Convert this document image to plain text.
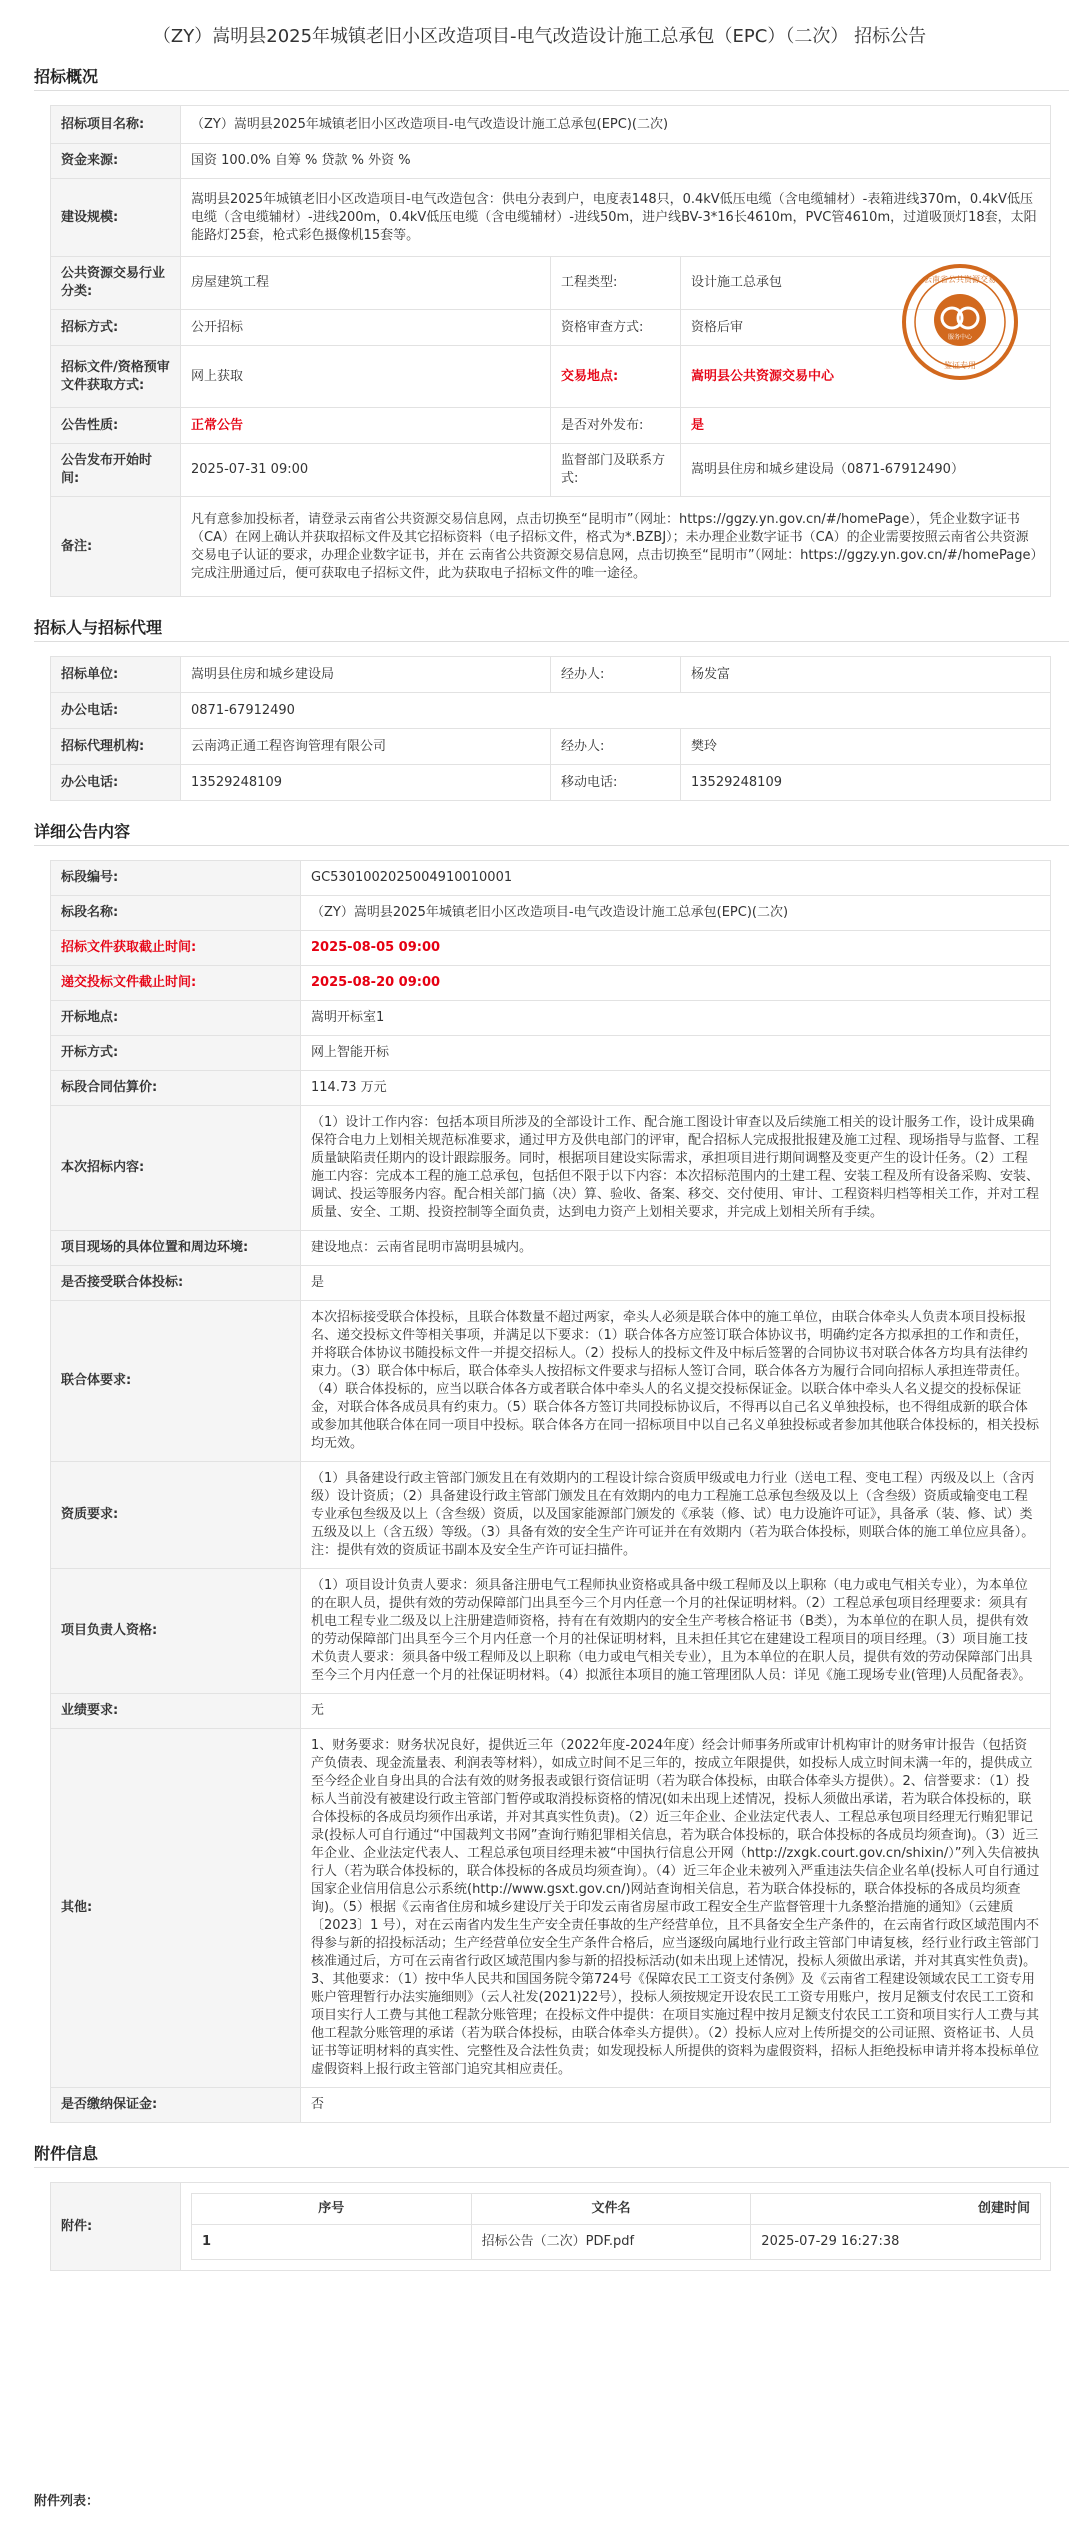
（ZY）嵩明县2025年城镇老旧小区改造项目-电气改造设计施工总承包（EPC）（二次） 招标公告
招标概况
招标项目名称:	（ZY）嵩明县2025年城镇老旧小区改造项目-电气改造设计施工总承包(EPC)(二次)		
资金来源:	国资 100.0% 自筹 % 贷款 % 外资 %		
建设规模:	嵩明县2025年城镇老旧小区改造项目-电气改造包含：供电分表到户，电度表148只，0.4kV低压电缆（含电缆辅材）-表箱进线370m，0.4kV低压电缆（含电缆辅材）-进线200m，0.4kV低压电缆（含电缆辅材）-进线50m，进户线BV-3*16长4610m，PVC管4610m，过道吸顶灯18套，太阳能路灯25套，枪式彩色摄像机15套等。		
公共资源交易行业分类:	房屋建筑工程	工程类型:	设计施工总承包
招标方式:	公开招标	资格审查方式:	资格后审
招标文件/资格预审文件获取方式:	网上获取	交易地点:	嵩明县公共资源交易中心
公告性质:	正常公告	是否对外发布:	是
公告发布开始时间:	2025-07-31 09:00	监督部门及联系方式:	嵩明县住房和城乡建设局（0871-67912490）
备注:	凡有意参加投标者，请登录云南省公共资源交易信息网，点击切换至“昆明市”（网址：https://ggzy.yn.gov.cn/#/homePage），凭企业数字证书（CA）在网上确认并获取招标文件及其它招标资料（电子招标文件，格式为*.BZBJ）；未办理企业数字证书（CA）的企业需要按照云南省公共资源交易电子认证的要求，办理企业数字证书，并在 云南省公共资源交易信息网，点击切换至“昆明市”（网址：https://ggzy.yn.gov.cn/#/homePage）完成注册通过后，便可获取电子招标文件，此为获取电子招标文件的唯一途径。		
服务中心
云南省公共资源交易
鉴证专用
招标人与招标代理
招标单位:	嵩明县住房和城乡建设局	经办人:	杨发富
办公电话:	0871-67912490		
招标代理机构:	云南鸿正通工程咨询管理有限公司	经办人:	樊玲
办公电话:	13529248109	移动电话:	13529248109
详细公告内容
标段编号:	GC5301002025004910010001
标段名称:	（ZY）嵩明县2025年城镇老旧小区改造项目-电气改造设计施工总承包(EPC)(二次)
招标文件获取截止时间:	2025-08-05 09:00
递交投标文件截止时间:	2025-08-20 09:00
开标地点:	嵩明开标室1
开标方式:	网上智能开标
标段合同估算价:	114.73 万元
本次招标内容:	（1）设计工作内容：包括本项目所涉及的全部设计工作、配合施工图设计审查以及后续施工相关的设计服务工作，设计成果确保符合电力上划相关规范标准要求，通过甲方及供电部门的评审，配合招标人完成报批报建及施工过程、现场指导与监督、工程质量缺陷责任期内的设计跟踪服务。同时，根据项目建设实际需求，承担项目进行期间调整及变更产生的设计任务。（2）工程施工内容：完成本工程的施工总承包，包括但不限于以下内容：本次招标范围内的土建工程、安装工程及所有设备采购、安装、调试、投运等服务内容。配合相关部门搞（决）算、验收、备案、移交、交付使用、审计、工程资料归档等相关工作，并对工程质量、安全、工期、投资控制等全面负责，达到电力资产上划相关要求，并完成上划相关所有手续。
项目现场的具体位置和周边环境:	建设地点：云南省昆明市嵩明县城内。
是否接受联合体投标:	是
联合体要求:	本次招标接受联合体投标，且联合体数量不超过两家，牵头人必须是联合体中的施工单位，由联合体牵头人负责本项目投标报名、递交投标文件等相关事项，并满足以下要求：（1）联合体各方应签订联合体协议书，明确约定各方拟承担的工作和责任，并将联合体协议书随投标文件一并提交招标人。（2）投标人的投标文件及中标后签署的合同协议书对联合体各方均具有法律约束力。（3）联合体中标后，联合体牵头人按招标文件要求与招标人签订合同，联合体各方为履行合同向招标人承担连带责任。（4）联合体投标的，应当以联合体各方或者联合体中牵头人的名义提交投标保证金。以联合体中牵头人名义提交的投标保证金，对联合体各成员具有约束力。（5）联合体各方签订共同投标协议后，不得再以自己名义单独投标，也不得组成新的联合体或参加其他联合体在同一项目中投标。联合体各方在同一招标项目中以自己名义单独投标或者参加其他联合体投标的，相关投标均无效。
资质要求:	（1）具备建设行政主管部门颁发且在有效期内的工程设计综合资质甲级或电力行业（送电工程、变电工程）丙级及以上（含丙级）设计资质；（2）具备建设行政主管部门颁发且在有效期内的电力工程施工总承包叁级及以上（含叁级）资质或输变电工程专业承包叁级及以上（含叁级）资质，以及国家能源部门颁发的《承装（修、试）电力设施许可证》，具备承（装、修、试）类五级及以上（含五级）等级。（3）具备有效的安全生产许可证并在有效期内（若为联合体投标，则联合体的施工单位应具备）。注：提供有效的资质证书副本及安全生产许可证扫描件。
项目负责人资格:	（1）项目设计负责人要求：须具备注册电气工程师执业资格或具备中级工程师及以上职称（电力或电气相关专业），为本单位的在职人员，提供有效的劳动保障部门出具至今三个月内任意一个月的社保证明材料。（2）工程总承包项目经理要求：须具有机电工程专业二级及以上注册建造师资格，持有在有效期内的安全生产考核合格证书（B类），为本单位的在职人员，提供有效的劳动保障部门出具至今三个月内任意一个月的社保证明材料，且未担任其它在建建设工程项目的项目经理。（3）项目施工技术负责人要求：须具备中级工程师及以上职称（电力或电气相关专业），且为本单位的在职人员，提供有效的劳动保障部门出具至今三个月内任意一个月的社保证明材料。（4）拟派往本项目的施工管理团队人员：详见《施工现场专业(管理)人员配备表》。
业绩要求:	无
其他:	1、财务要求：财务状况良好，提供近三年（2022年度-2024年度）经会计师事务所或审计机构审计的财务审计报告（包括资产负债表、现金流量表、利润表等材料），如成立时间不足三年的，按成立年限提供，如投标人成立时间未满一年的，提供成立至今经企业自身出具的合法有效的财务报表或银行资信证明（若为联合体投标，由联合体牵头方提供）。2、信誉要求：（1）投标人当前没有被建设行政主管部门暂停或取消投标资格的情况(如未出现上述情况，投标人须做出承诺，若为联合体投标的，联合体投标的各成员均须作出承诺，并对其真实性负责)。（2）近三年企业、企业法定代表人、工程总承包项目经理无行贿犯罪记录(投标人可自行通过“中国裁判文书网”查询行贿犯罪相关信息，若为联合体投标的，联合体投标的各成员均须查询)。（3）近三年企业、企业法定代表人、工程总承包项目经理未被“中国执行信息公开网（http://zxgk.court.gov.cn/shixin/）”列入失信被执行人（若为联合体投标的，联合体投标的各成员均须查询）。（4）近三年企业未被列入严重违法失信企业名单(投标人可自行通过国家企业信用信息公示系统(http://www.gsxt.gov.cn/)网站查询相关信息，若为联合体投标的，联合体投标的各成员均须查询)。（5）根据《云南省住房和城乡建设厅关于印发云南省房屋市政工程安全生产监督管理十九条整治措施的通知》（云建质〔2023〕1 号），对在云南省内发生生产安全责任事故的生产经营单位，且不具备安全生产条件的，在云南省行政区域范围内不得参与新的招投标活动；生产经营单位安全生产条件合格后，应当逐级向属地行业行政主管部门申请复核，经行业行政主管部门核准通过后，方可在云南省行政区域范围内参与新的招投标活动(如未出现上述情况，投标人须做出承诺，并对其真实性负责)。3、其他要求：（1）按中华人民共和国国务院令第724号《保障农民工工资支付条例》及《云南省工程建设领域农民工工资专用账户管理暂行办法实施细则》（云人社发(2021)22号），投标人须按规定开设农民工工资专用账户，按月足额支付农民工工资和项目实行人工费与其他工程款分账管理；在投标文件中提供：在项目实施过程中按月足额支付农民工工资和项目实行人工费与其他工程款分账管理的承诺（若为联合体投标，由联合体牵头方提供）。（2）投标人应对上传所提交的公司证照、资格证书、人员证书等证明材料的真实性、完整性及合法性负责；如发现投标人所提供的资料为虚假资料，招标人拒绝投标申请并将本投标单位虚假资料上报行政主管部门追究其相应责任。
是否缴纳保证金:	否
附件信息
附件:	
序号	文件名	创建时间
1	招标公告（二次）PDF.pdf	2025-07-29 16:27:38
附件列表：
